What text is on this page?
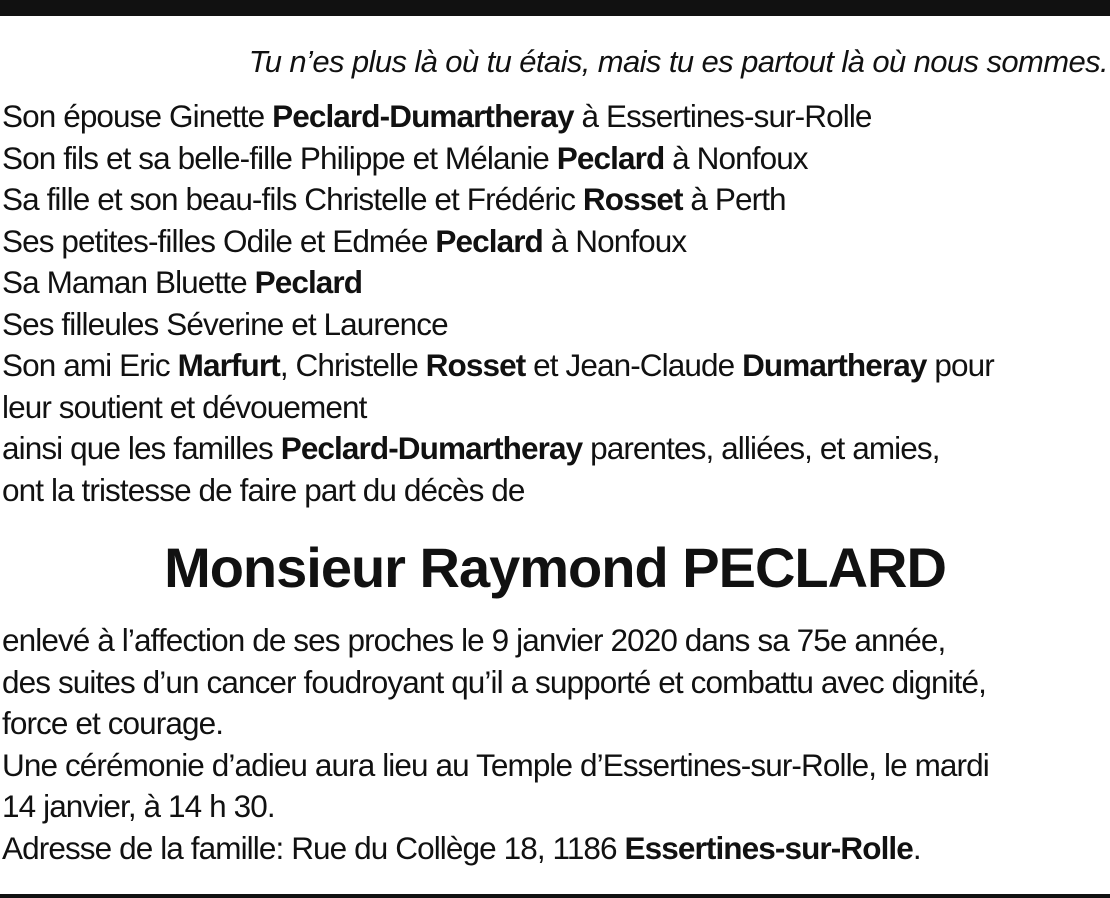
Tu n’es plus là où tu étais, mais tu es partout là où nous sommes.
Son épouse Ginette Peclard-Dumartheray à Essertines-sur-Rolle
Son fils et sa belle-fille Philippe et Mélanie Peclard à Nonfoux
Sa fille et son beau-fils Christelle et Frédéric Rosset à Perth
Ses petites-filles Odile et Edmée Peclard à Nonfoux
Sa Maman Bluette Peclard
Ses filleules Séverine et Laurence
Son ami Eric Marfurt, Christelle Rosset et Jean-Claude Dumartheray pour
leur soutient et dévouement
ainsi que les familles Peclard-Dumartheray parentes, alliées, et amies,
ont la tristesse de faire part du décès de
Monsieur Raymond PECLARD
enlevé à l’affection de ses proches le 9 janvier 2020 dans sa 75e année,
des suites d’un cancer foudroyant qu’il a supporté et combattu avec dignité,
force et courage.
Une cérémonie d’adieu aura lieu au Temple d’Essertines-sur-Rolle, le mardi
14 janvier, à 14 h 30.
Adresse de la famille: Rue du Collège 18, 1186 Essertines-sur-Rolle.
